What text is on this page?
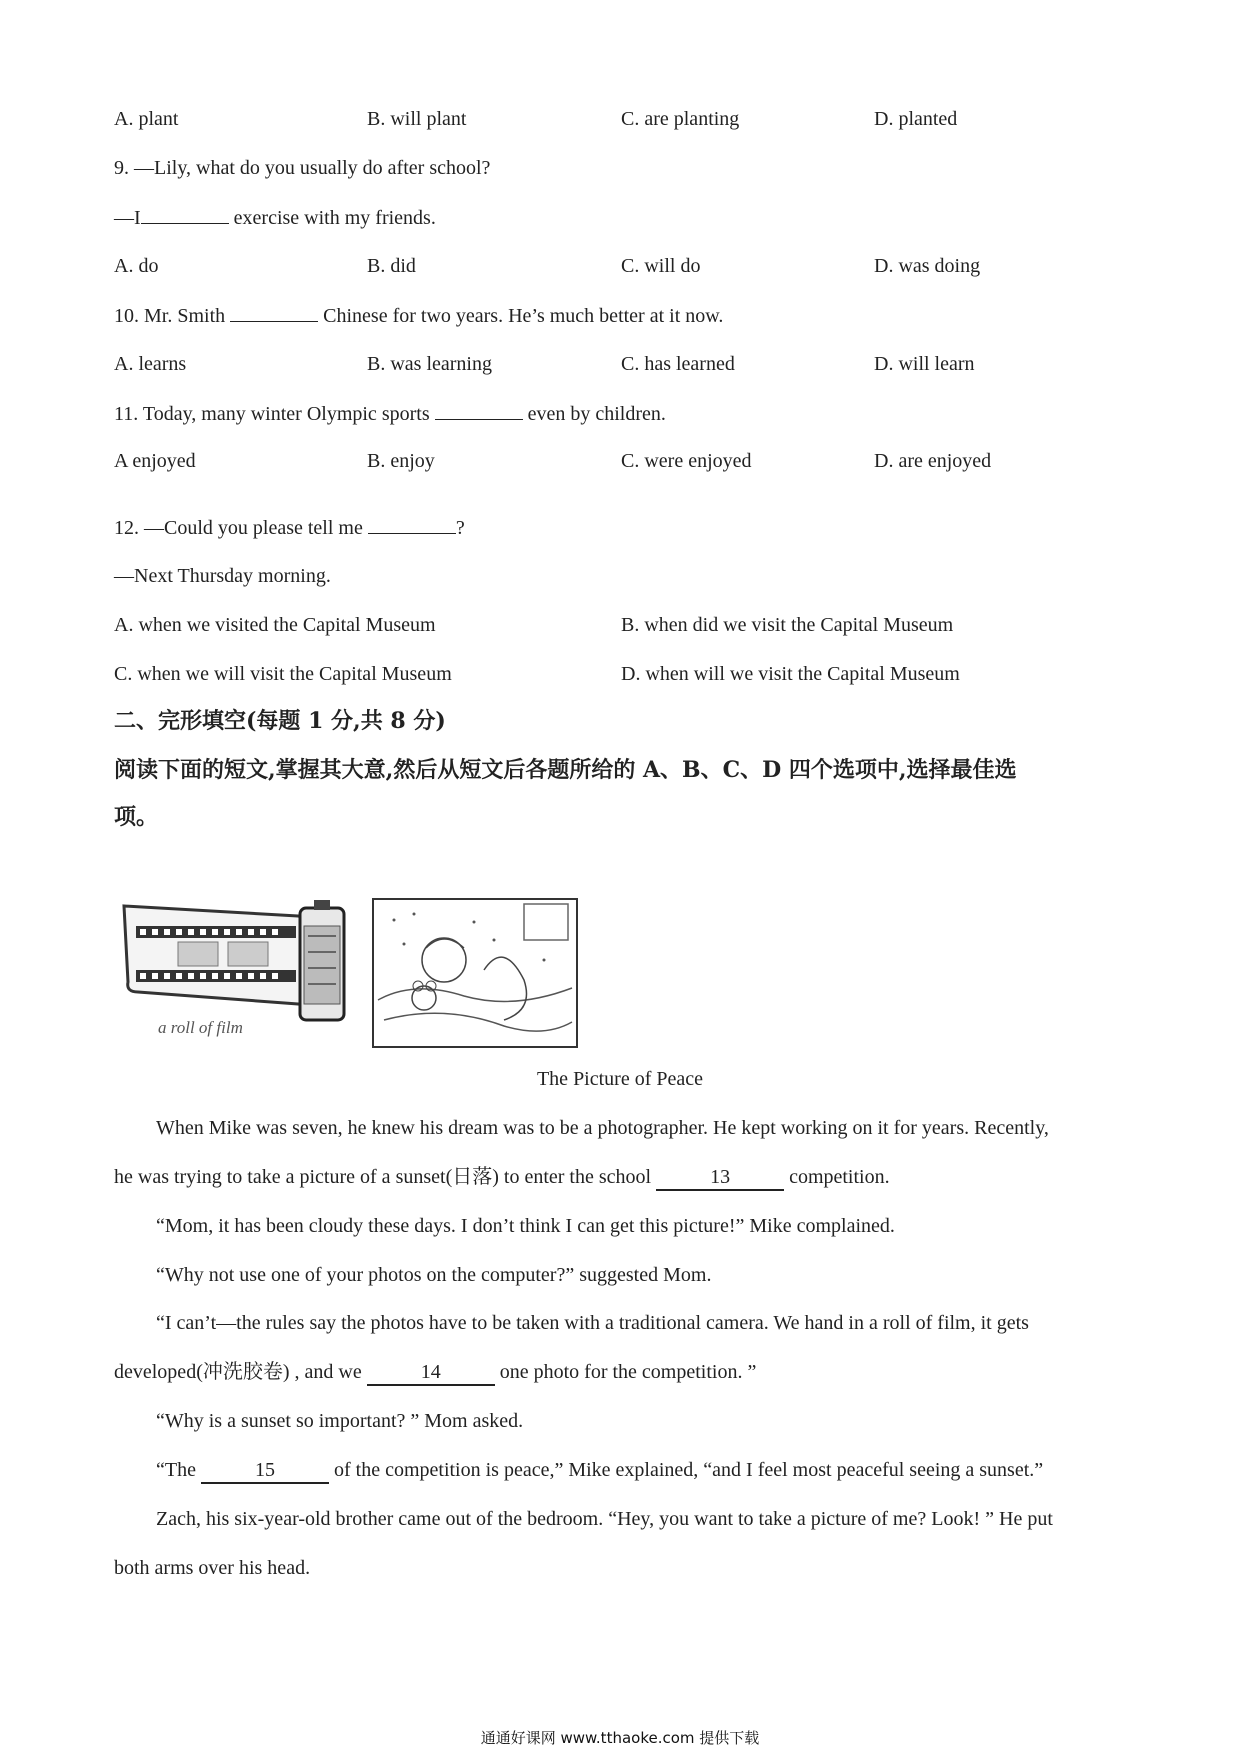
A. plant	B. will plant	C. are planting	D. planted
9. —Lily, what do you usually do after school?
—I	exercise with my friends.
A. do	B. did	C. will do	D. was doing
10. Mr. Smith	Chinese for two years. He’s much better at it now.
A. learns	B. was learning	C. has learned	D. will learn
11. Today, many winter Olympic sports	even by children.
A enjoyed	B. enjoy	C. were enjoyed	D. are enjoyed
12. —Could you please tell me	?
—Next Thursday morning.
A. when we visited the Capital Museum	B. when did we visit the Capital Museum
C. when we will visit the Capital Museum	D. when will we visit the Capital Museum
二、完形填空(每题 1 分,共 8 分)
阅读下面的短文,掌握其大意,然后从短文后各题所给的 A、B、C、D 四个选项中,选择最佳选
项。
a roll of film
The Picture of Peace
When Mike was seven, he knew his dream was to be a photographer. He kept working on it for years. Recently,
he was trying to take a picture of a sunset(日落) to enter the school	13	competition.
“Mom, it has been cloudy these days. I don’t think I can get this picture!” Mike complained.
“Why not use one of your photos on the computer?” suggested Mom.
“I can’t—the rules say the photos have to be taken with a traditional camera. We hand in a roll of film, it gets
developed(冲洗胶卷) , and we	14	one photo for the competition. ”
“Why is a sunset so important? ” Mom asked.
“The	15	of the competition is peace,” Mike explained, “and I feel most peaceful seeing a sunset.”
Zach, his six-year-old brother came out of the bedroom. “Hey, you want to take a picture of me? Look! ” He put
both arms over his head.
通通好课网 www.tthaoke.com 提供下载
